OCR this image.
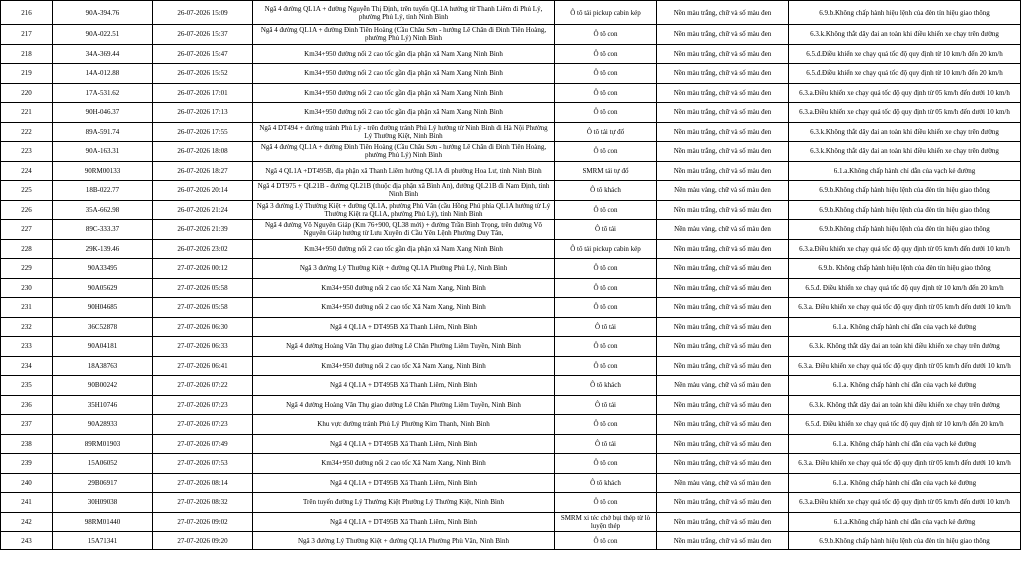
216	90A-394.76	26-07-2026 15:09	Ngã 4 đường QL1A + đường Nguyễn Thị Định, trên tuyến QL1A hướng từ Thanh Liêm đi Phủ Lý, phường Phủ Lý, tỉnh Ninh Bình	Ô tô tải pickup cabin kép	Nền màu trắng, chữ và số màu đen	6.9.b.Không chấp hành hiệu lệnh của đèn tín hiệu giao thông
217	90A-022.51	26-07-2026 15:37	Ngã 4 đường QL1A + đường Đinh Tiên Hoàng (Cầu Châu Sơn - hướng Lê Chân đi Đinh Tiên Hoàng, phường Phủ Lý) Ninh Bình	Ô tô con	Nền màu trắng, chữ và số màu đen	6.3.k.Không thắt dây đai an toàn khi điều khiển xe chạy trên đường
218	34A-369.44	26-07-2026 15:47	Km34+950 đường nối 2 cao tốc gần địa phận xã Nam Xang Ninh Bình	Ô tô con	Nền màu trắng, chữ và số màu đen	6.5.đ.Điều khiển xe chạy quá tốc độ quy định từ 10 km/h đến 20 km/h
219	14A-012.88	26-07-2026 15:52	Km34+950 đường nối 2 cao tốc gần địa phận xã Nam Xang Ninh Bình	Ô tô con	Nền màu trắng, chữ và số màu đen	6.5.đ.Điều khiển xe chạy quá tốc độ quy định từ 10 km/h đến 20 km/h
220	17A-531.62	26-07-2026 17:01	Km34+950 đường nối 2 cao tốc gần địa phận xã Nam Xang Ninh Bình	Ô tô con	Nền màu trắng, chữ và số màu đen	6.3.a.Điều khiển xe chạy quá tốc độ quy định từ 05 km/h đến dưới 10 km/h
221	90H-046.37	26-07-2026 17:13	Km34+950 đường nối 2 cao tốc gần địa phận xã Nam Xang Ninh Bình	Ô tô con	Nền màu trắng, chữ và số màu đen	6.3.a.Điều khiển xe chạy quá tốc độ quy định từ 05 km/h đến dưới 10 km/h
222	89A-591.74	26-07-2026 17:55	Ngã 4 DT494 + đường tránh Phủ Lý - trên đường tránh Phủ Lý hướng từ Ninh Bình đi Hà Nội Phường Lý Thường Kiệt, Ninh Bình	Ô tô tải tự đổ	Nền màu trắng, chữ và số màu đen	6.3.k.Không thắt dây đai an toàn khi điều khiển xe chạy trên đường
223	90A-163.31	26-07-2026 18:08	Ngã 4 đường QL1A + đường Đinh Tiên Hoàng (Cầu Châu Sơn - hướng Lê Chân đi Đinh Tiên Hoàng, phường Phủ Lý) Ninh Bình	Ô tô con	Nền màu trắng, chữ và số màu đen	6.3.k.Không thắt dây đai an toàn khi điều khiển xe chạy trên đường
224	90RM00133	26-07-2026 18:27	Ngã 4 QL1A +DT495B, địa phận xã Thanh Liêm hướng QL1A đi phường Hoa Lư, tỉnh Ninh Bình	SMRM tải tự đổ	Nền màu trắng, chữ và số màu đen	6.1.a.Không chấp hành chỉ dẫn của vạch kẻ đường
225	18B-022.77	26-07-2026 20:14	Ngã 4 DT975 + QL21B - đường QL21B (thuộc địa phận xã Bình An), đường QL21B đi Nam Định, tỉnh Ninh Bình	Ô tô khách	Nền màu vàng, chữ và số màu đen	6.9.b.Không chấp hành hiệu lệnh của đèn tín hiệu giao thông
226	35A-662.98	26-07-2026 21:24	Ngã 3 đường Lý Thường Kiệt + đường QL1A, phường Phù Vân (cầu Hồng Phú phía QL1A hướng từ Lý Thường Kiệt ra QL1A, phường Phủ Lý), tỉnh Ninh Bình	Ô tô con	Nền màu trắng, chữ và số màu đen	6.9.b.Không chấp hành hiệu lệnh của đèn tín hiệu giao thông
227	89C-333.37	26-07-2026 21:39	Ngã 4 đường Võ Nguyên Giáp (Km 76+900, QL38 mới) + đường Trần Bình Trọng, trên đường Võ Nguyên Giáp hướng từ Lưu Xuyên đi Cầu Yên Lệnh Phường Duy Tân,	Ô tô tải	Nền màu vàng, chữ và số màu đen	6.9.b.Không chấp hành hiệu lệnh của đèn tín hiệu giao thông
228	29K-139.46	26-07-2026 23:02	Km34+950 đường nối 2 cao tốc gần địa phận xã Nam Xang Ninh Bình	Ô tô tải pickup cabin kép	Nền màu trắng, chữ và số màu đen	6.3.a.Điều khiển xe chạy quá tốc độ quy định từ 05 km/h đến dưới 10 km/h
229	90A33495	27-07-2026 00:12	Ngã 3 đường Lý Thường Kiệt + đường QL1A Phường Phủ Lý, Ninh Bình	Ô tô con	Nền màu trắng, chữ và số màu đen	6.9.b. Không chấp hành hiệu lệnh của đèn tín hiệu giao thông
230	90A05629	27-07-2026 05:58	Km34+950 đường nối 2 cao tốc Xã Nam Xang, Ninh Bình	Ô tô con	Nền màu trắng, chữ và số màu đen	6.5.đ. Điều khiển xe chạy quá tốc độ quy định từ 10 km/h đến 20 km/h
231	90H04685	27-07-2026 05:58	Km34+950 đường nối 2 cao tốc Xã Nam Xang, Ninh Bình	Ô tô con	Nền màu trắng, chữ và số màu đen	6.3.a. Điều khiển xe chạy quá tốc độ quy định từ 05 km/h đến dưới 10 km/h
232	36C52878	27-07-2026 06:30	Ngã 4 QL1A + DT495B Xã Thanh Liêm, Ninh Bình	Ô tô tải	Nền màu trắng, chữ và số màu đen	6.1.a. Không chấp hành chỉ dẫn của vạch kẻ đường
233	90A04181	27-07-2026 06:33	Ngã 4 đường Hoàng Văn Thụ giao đường Lê Chân Phường Liêm Tuyền, Ninh Bình	Ô tô con	Nền màu trắng, chữ và số màu đen	6.3.k. Không thắt dây đai an toàn khi điều khiển xe chạy trên đường
234	18A38763	27-07-2026 06:41	Km34+950 đường nối 2 cao tốc Xã Nam Xang, Ninh Bình	Ô tô con	Nền màu trắng, chữ và số màu đen	6.3.a. Điều khiển xe chạy quá tốc độ quy định từ 05 km/h đến dưới 10 km/h
235	90B00242	27-07-2026 07:22	Ngã 4 QL1A + DT495B Xã Thanh Liêm, Ninh Bình	Ô tô khách	Nền màu vàng, chữ và số màu đen	6.1.a. Không chấp hành chỉ dẫn của vạch kẻ đường
236	35H10746	27-07-2026 07:23	Ngã 4 đường Hoàng Văn Thụ giao đường Lê Chân Phường Liêm Tuyền, Ninh Bình	Ô tô tải	Nền màu trắng, chữ và số màu đen	6.3.k. Không thắt dây đai an toàn khi điều khiển xe chạy trên đường
237	90A28933	27-07-2026 07:23	Khu vực đường tránh Phủ Lý Phường Kim Thanh, Ninh Bình	Ô tô con	Nền màu trắng, chữ và số màu đen	6.5.đ. Điều khiển xe chạy quá tốc độ quy định từ 10 km/h đến 20 km/h
238	89RM01903	27-07-2026 07:49	Ngã 4 QL1A + DT495B Xã Thanh Liêm, Ninh Bình	Ô tô tải	Nền màu trắng, chữ và số màu đen	6.1.a. Không chấp hành chỉ dẫn của vạch kẻ đường
239	15A06052	27-07-2026 07:53	Km34+950 đường nối 2 cao tốc Xã Nam Xang, Ninh Bình	Ô tô con	Nền màu trắng, chữ và số màu đen	6.3.a. Điều khiển xe chạy quá tốc độ quy định từ 05 km/h đến dưới 10 km/h
240	29B06917	27-07-2026 08:14	Ngã 4 QL1A + DT495B Xã Thanh Liêm, Ninh Bình	Ô tô khách	Nền màu vàng, chữ và số màu đen	6.1.a. Không chấp hành chỉ dẫn của vạch kẻ đường
241	30H09038	27-07-2026 08:32	Trên tuyến đường Lý Thường Kiệt Phường Lý Thường Kiệt, Ninh Bình	Ô tô con	Nền màu trắng, chữ và số màu đen	6.3.a.Điều khiển xe chạy quá tốc độ quy định từ 05 km/h đến dưới 10 km/h
242	98RM01440	27-07-2026 09:02	Ngã 4 QL1A + DT495B Xã Thanh Liêm, Ninh Bình	SMRM xi téc chở bụi thép từ lò luyện thép	Nền màu trắng, chữ và số màu đen	6.1.a.Không chấp hành chỉ dẫn của vạch kẻ đường
243	15A71341	27-07-2026 09:20	Ngã 3 đường Lý Thường Kiệt + đường QL1A Phường Phù Vân, Ninh Bình	Ô tô con	Nền màu trắng, chữ và số màu đen	6.9.b.Không chấp hành hiệu lệnh của đèn tín hiệu giao thông
